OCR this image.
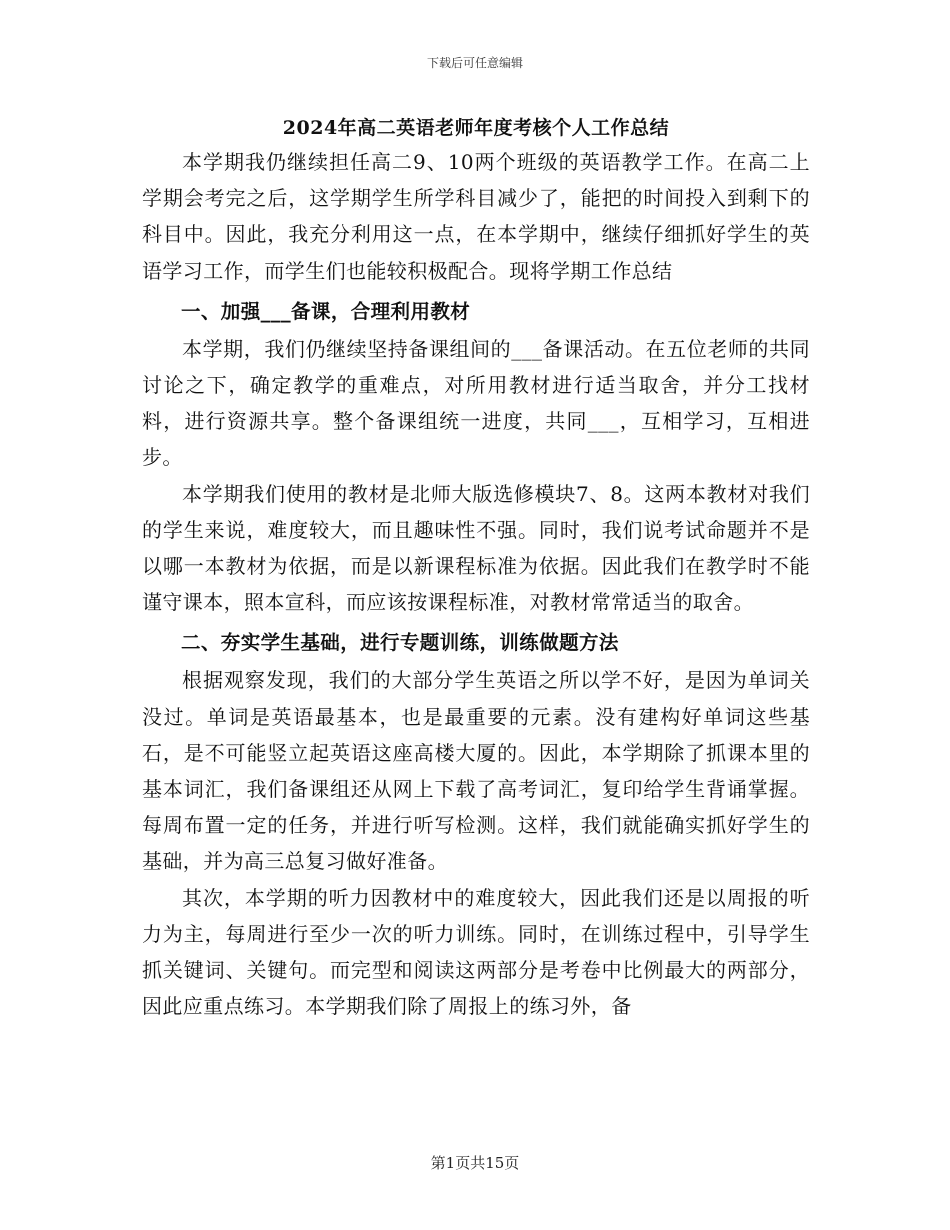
下载后可任意编辑
2024年高二英语老师年度考核个人工作总结

本学期我仍继续担任高二9、10两个班级的英语教学工作。在高二上学期会考完之后，这学期学生所学科目减少了，能把的时间投入到剩下的科目中。因此，我充分利用这一点，在本学期中，继续仔细抓好学生的英语学习工作，而学生们也能较积极配合。现将学期工作总结

一、加强___备课，合理利用教材

本学期，我们仍继续坚持备课组间的___备课活动。在五位老师的共同讨论之下，确定教学的重难点，对所用教材进行适当取舍，并分工找材料，进行资源共享。整个备课组统一进度，共同___，互相学习，互相进步。

本学期我们使用的教材是北师大版选修模块7、8。这两本教材对我们的学生来说，难度较大，而且趣味性不强。同时，我们说考试命题并不是以哪一本教材为依据，而是以新课程标准为依据。因此我们在教学时不能谨守课本，照本宣科，而应该按课程标准，对教材常常适当的取舍。

二、夯实学生基础，进行专题训练，训练做题方法

根据观察发现，我们的大部分学生英语之所以学不好，是因为单词关没过。单词是英语最基本，也是最重要的元素。没有建构好单词这些基石，是不可能竖立起英语这座高楼大厦的。因此，本学期除了抓课本里的基本词汇，我们备课组还从网上下载了高考词汇，复印给学生背诵掌握。每周布置一定的任务，并进行听写检测。这样，我们就能确实抓好学生的基础，并为高三总复习做好准备。

其次，本学期的听力因教材中的难度较大，因此我们还是以周报的听力为主，每周进行至少一次的听力训练。同时，在训练过程中，引导学生抓关键词、关键句。而完型和阅读这两部分是考卷中比例最大的两部分，因此应重点练习。本学期我们除了周报上的练习外，备

第1页共15页
